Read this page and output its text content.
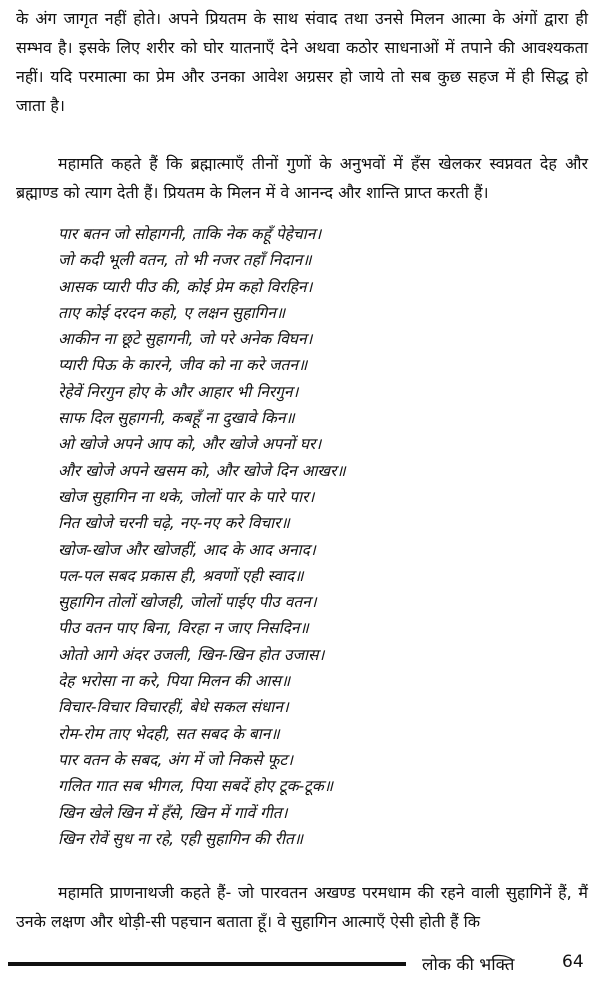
के अंग जागृत नहीं होते। अपने प्रियतम के साथ संवाद तथा उनसे मिलन आत्मा के अंगों द्वारा ही सम्भव है। इसके लिए शरीर को घोर यातनाएँ देने अथवा कठोर साधनाओं में तपाने की आवश्यकता नहीं। यदि परमात्मा का प्रेम और उनका आवेश अग्रसर हो जाये तो सब कुछ सहज में ही सिद्ध हो जाता है।

महामति कहते हैं कि ब्रह्मात्माएँ तीनों गुणों के अनुभवों में हँस खेलकर स्वप्नवत देह और ब्रह्माण्ड को त्याग देती हैं। प्रियतम के मिलन में वे आनन्द और शान्ति प्राप्त करती हैं।

पार बतन जो सोहागनी, ताकि नेक कहूँ पेहेचान।
जो कदी भूली वतन, तो भी नजर तहाँ निदान॥
आसक प्यारी पीउ की, कोई प्रेम कहो विरहिन।
ताए कोई दरदन कहो, ए लक्षन सुहागिन॥
आकीन ना छूटे सुहागनी, जो परे अनेक विघन।
प्यारी पिऊ के कारने, जीव को ना करे जतन॥
रेहेवें निरगुन होए के और आहार भी निरगुन।
साफ दिल सुहागनी, कबहूँ ना दुखावे किन॥
ओ खोजे अपने आप को, और खोजे अपनों घर।
और खोजे अपने खसम को, और खोजे दिन आखर॥
खोज सुहागिन ना थके, जोलों पार के पारे पार।
नित खोजे चरनी चढ़े, नए-नए करे विचार॥
खोज-खोज और खोजहीं, आद के आद अनाद।
पल-पल सबद प्रकास ही, श्रवणों एही स्वाद॥
सुहागिन तोलों खोजही, जोलों पाईए पीउ वतन।
पीउ वतन पाए बिना, विरहा न जाए निसदिन॥
ओतो आगे अंदर उजली, खिन-खिन होत उजास।
देह भरोसा ना करे, पिया मिलन की आस॥
विचार-विचार विचारहीं, बेधे सकल संधान।
रोम-रोम ताए भेदही, सत सबद के बान॥
पार वतन के सबद, अंग में जो निकसे फूट।
गलित गात सब भीगल, पिया सबदें होए टूक-टूक॥
खिन खेले खिन में हँसे, खिन में गावें गीत।
खिन रोवें सुध ना रहे, एही सुहागिन की रीत॥

महामति प्राणनाथजी कहते हैं- जो पारवतन अखण्ड परमधाम की रहने वाली सुहागिनें हैं, मैं उनके लक्षण और थोड़ी-सी पहचान बताता हूँ। वे सुहागिन आत्माएँ ऐसी होती हैं कि

लोक की भक्ति	64
